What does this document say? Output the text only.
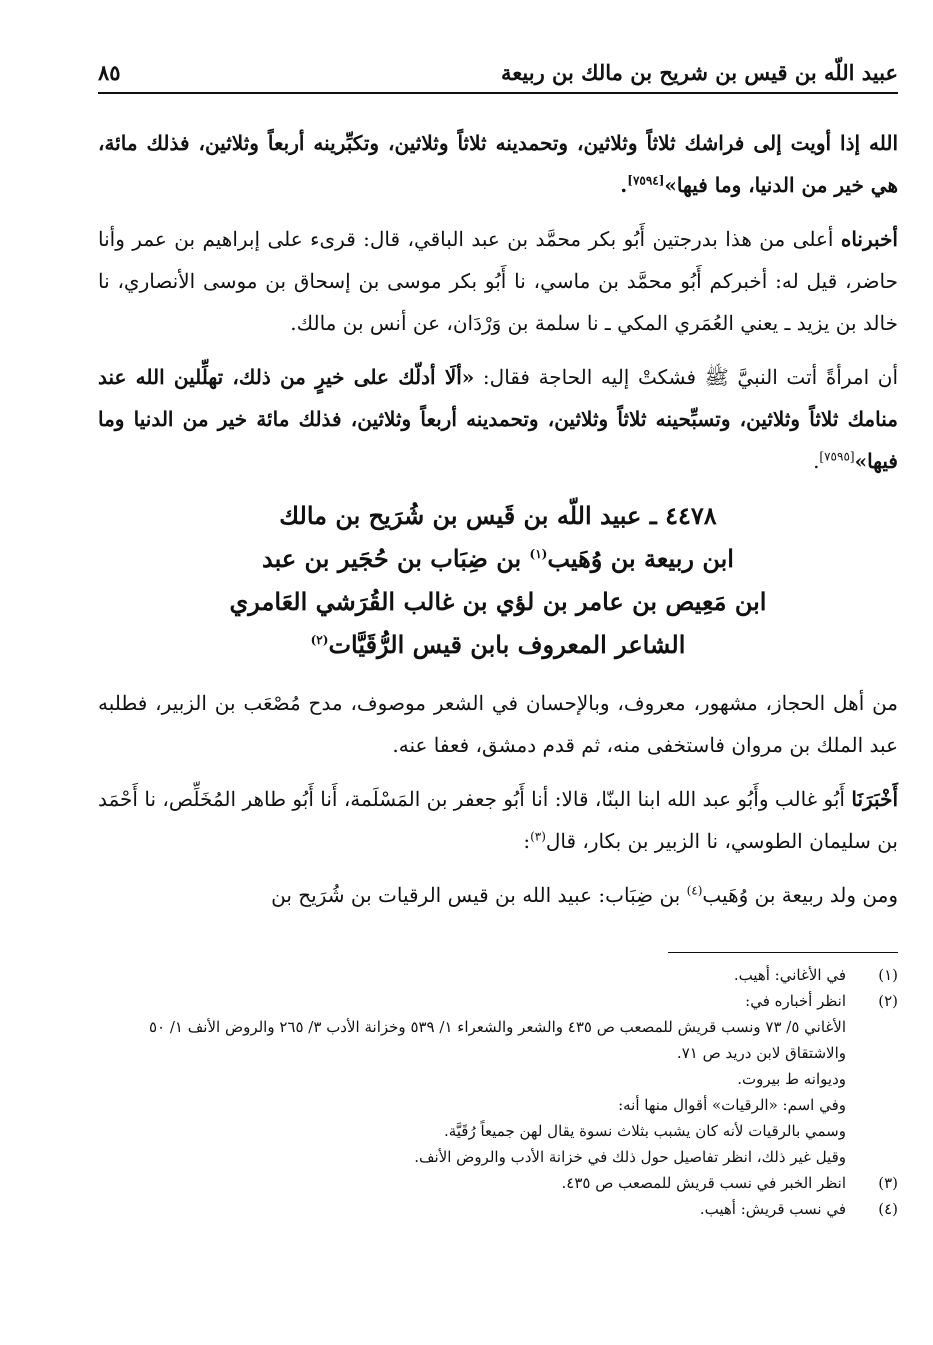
عبيد اللّه بن قيس بن شريح بن مالك بن ربيعة
٨٥

الله إذا أويت إلى فراشك ثلاثاً وثلاثين، وتحمدينه ثلاثاً وثلاثين، وتكبِّرينه أربعاً وثلاثين، فذلك مائة، هي خير من الدنيا، وما فيها»[٧٥٩٤].

أخبرناه أعلى من هذا بدرجتين أَبُو بكر محمَّد بن عبد الباقي، قال: قرىء على إبراهيم بن عمر وأنا حاضر، قيل له: أخبركم أَبُو محمَّد بن ماسي، نا أَبُو بكر موسى بن إسحاق بن موسى الأنصاري، نا خالد بن يزيد ـ يعني العُمَري المكي ـ نا سلمة بن وَرْدَان، عن أنس بن مالك.

أن امرأةً أتت النبيَّ ﷺ فشكتْ إليه الحاجة فقال: «ألَا أدلّك على خيرٍ من ذلك، تهلِّلين الله عند منامك ثلاثاً وثلاثين، وتسبِّحينه ثلاثاً وثلاثين، وتحمدينه أربعاً وثلاثين، فذلك مائة خير من الدنيا وما فيها»[٧٥٩٥].

٤٤٧٨ ـ عبيد اللّه بن قَيس بن شُرَيح بن مالك
ابن ربيعة بن وُهَيب$^{(١)}$ بن ضِبَاب بن حُجَير بن عبد
ابن مَعِيص بن عامر بن لؤي بن غالب القُرَشي العَامري
الشاعر المعروف بابن قيس الرُّقَيَّات$^{(٢)}$

من أهل الحجاز، مشهور، معروف، وبالإحسان في الشعر موصوف، مدح مُصْعَب بن الزبير، فطلبه عبد الملك بن مروان فاستخفى منه، ثم قدم دمشق، فعفا عنه.

أَخْبَرَنَا أَبُو غالب وأَبُو عبد الله ابنا البنّا، قالا: أنا أَبُو جعفر بن المَسْلَمة، أَنا أَبُو طاهر المُخَلِّص، نا أَحْمَد بن سليمان الطوسي، نا الزبير بن بكار، قال$^{(٣)}$:

ومن ولد ربيعة بن وُهَيب$^{(٤)}$ بن ضِبَاب: عبيد الله بن قيس الرقيات بن شُرَيح بن

(١)
في الأغاني: أهيب.
(٢)
انظر أخباره في:
الأغاني ٥/ ٧٣ ونسب قريش للمصعب ص ٤٣٥ والشعر والشعراء ١/ ٥٣٩ وخزانة الأدب ٣/ ٢٦٥ والروض الأنف ١/ ٥٠ والاشتقاق لابن دريد ص ٧١.
وديوانه ط بيروت.
وفي اسم: «الرقيات» أقوال منها أنه:
وسمي بالرقيات لأنه كان يشبب بثلاث نسوة يقال لهن جميعاً رُقَيَّة.
وقيل غير ذلك، انظر تفاصيل حول ذلك في خزانة الأدب والروض الأنف.
(٣)
انظر الخبر في نسب قريش للمصعب ص ٤٣٥.
(٤)
في نسب قريش: أهيب.
